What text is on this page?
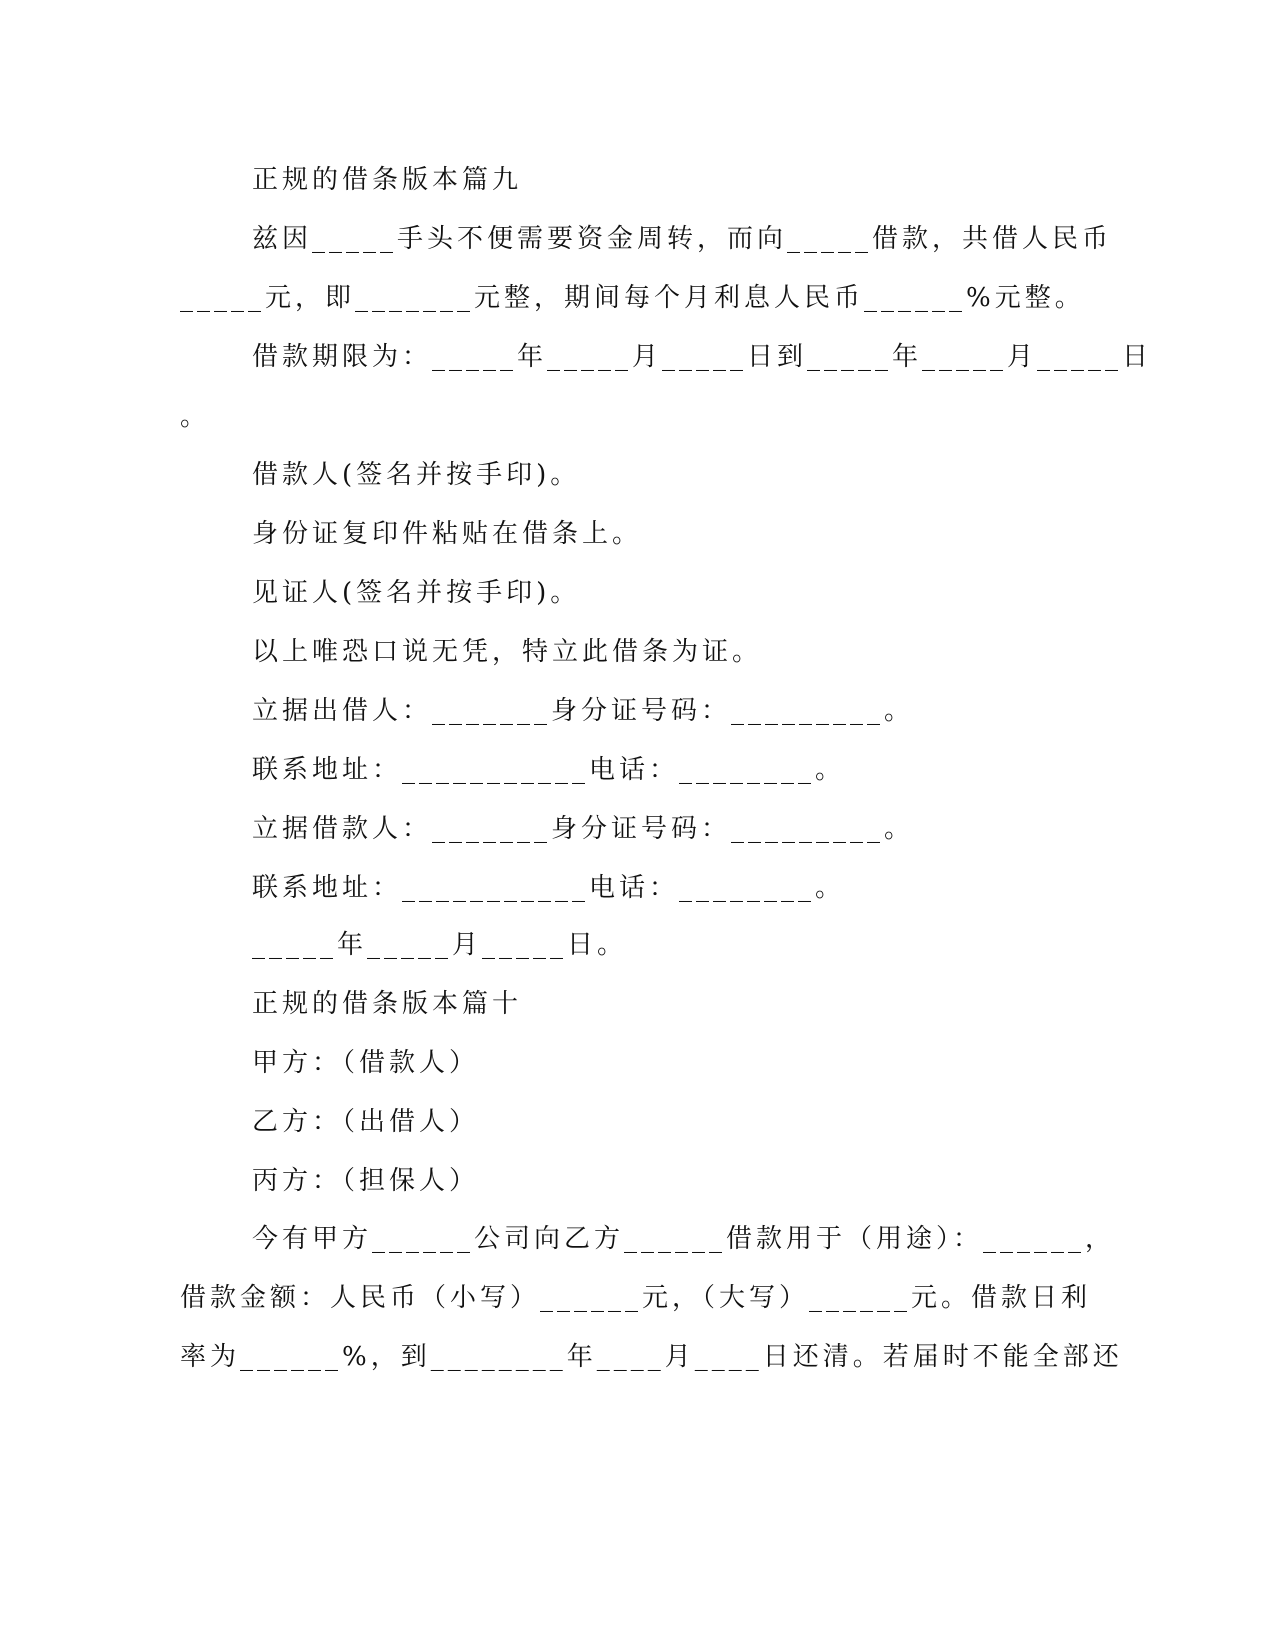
正规的借条版本篇九
兹因_____手头不便需要资金周转，而向_____借款，共借人民币
_____元，即_______元整，期间每个月利息人民币______%元整。
借款期限为：_____年_____月_____日到_____年_____月_____日
。
借款人(签名并按手印)。
身份证复印件粘贴在借条上。
见证人(签名并按手印)。
以上唯恐口说无凭，特立此借条为证。
立据出借人：_______身分证号码：_________。
联系地址：___________电话：________。
立据借款人：_______身分证号码：_________。
联系地址：___________电话：________。
_____年_____月_____日。
正规的借条版本篇十
甲方：（借款人）
乙方：（出借人）
丙方：（担保人）
今有甲方______公司向乙方______借款用于（用途）：______，
借款金额：人民币（小写）______元，（大写）______元。借款日利
率为______%，到________年____月____日还清。若届时不能全部还
